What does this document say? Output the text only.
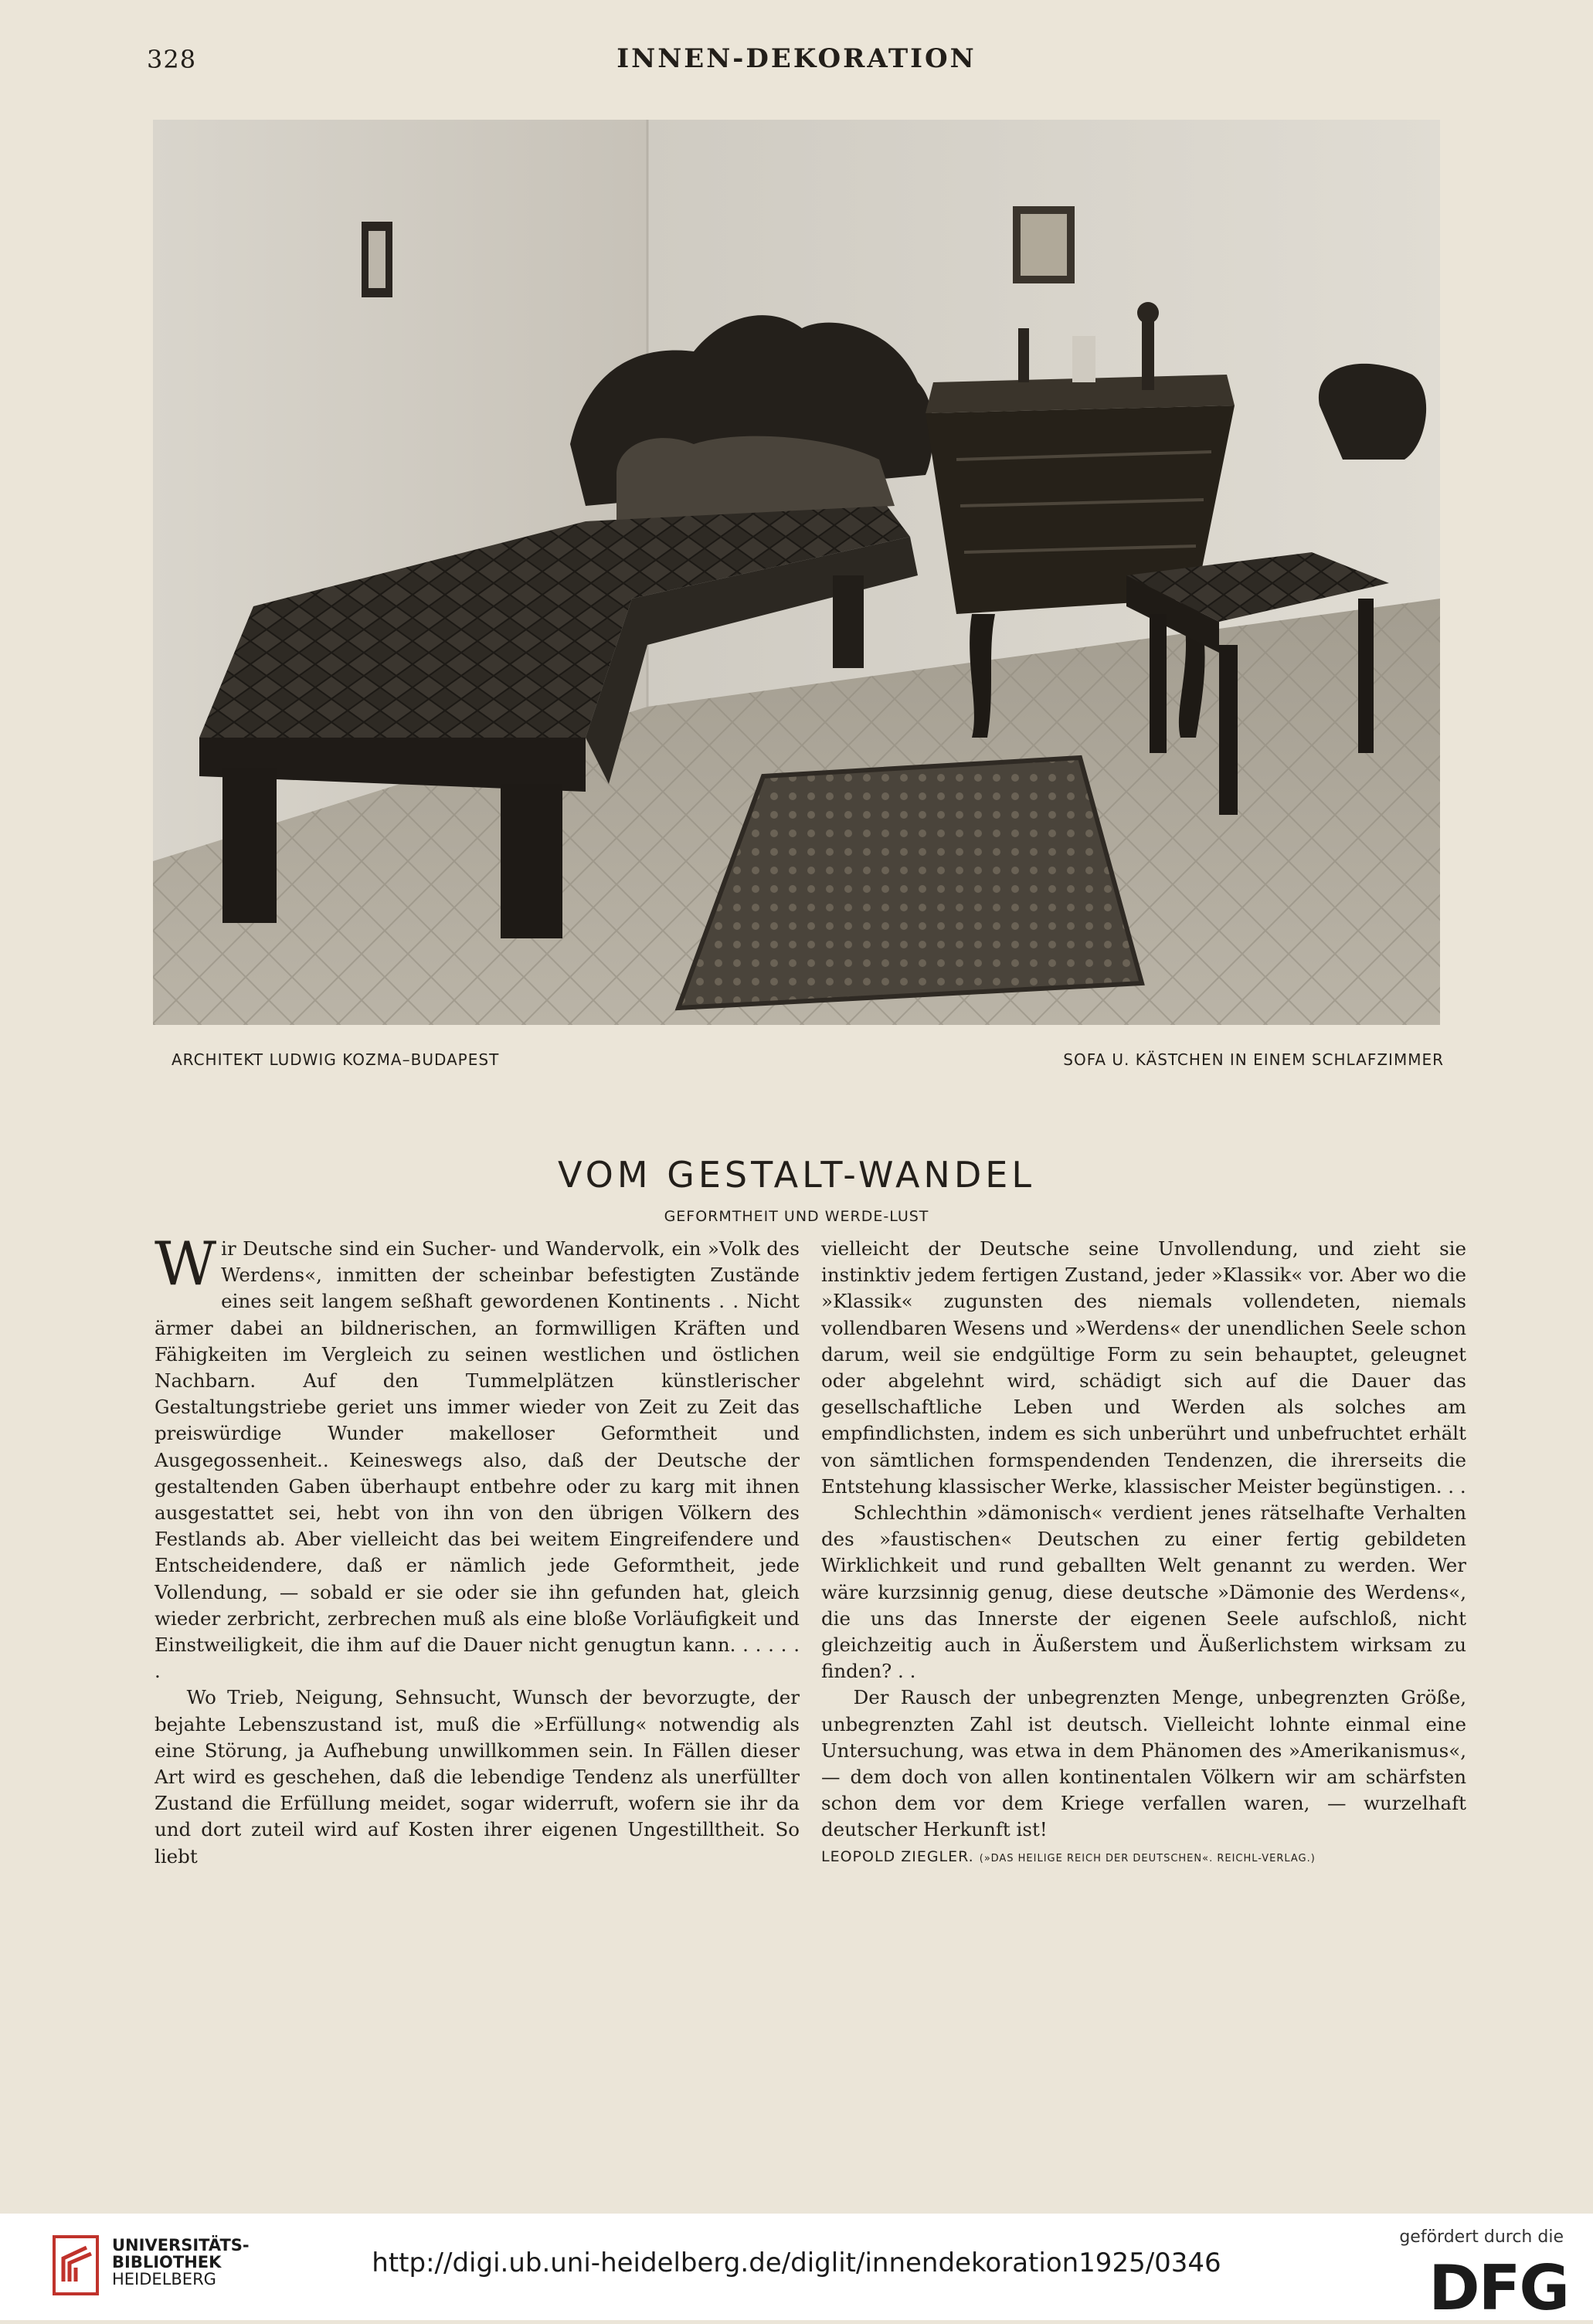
328	INNEN-DEKORATION
ARCHITEKT LUDWIG KOZMA–BUDAPEST	SOFA U. KÄSTCHEN IN EINEM SCHLAFZIMMER
VOM GESTALT-WANDEL
GEFORMTHEIT UND WERDE-LUST

Wir Deutsche sind ein Sucher- und Wandervolk, ein »Volk des Werdens«, inmitten der scheinbar befestigten Zustände eines seit langem seßhaft gewordenen Kontinents . . Nicht ärmer dabei an bildnerischen, an formwilligen Kräften und Fähigkeiten im Vergleich zu seinen westlichen und östlichen Nachbarn. Auf den Tummelplätzen künstlerischer Gestaltungstriebe geriet uns immer wieder von Zeit zu Zeit das preiswürdige Wunder makelloser Geformtheit und Ausgegossenheit.. Keineswegs also, daß der Deutsche der gestaltenden Gaben überhaupt entbehre oder zu karg mit ihnen ausgestattet sei, hebt von ihn von den übrigen Völkern des Festlands ab. Aber vielleicht das bei weitem Eingreifendere und Entscheidendere, daß er nämlich jede Geformtheit, jede Vollendung, — sobald er sie oder sie ihn gefunden hat, gleich wieder zerbricht, zerbrechen muß als eine bloße Vorläufigkeit und Einstweiligkeit, die ihm auf die Dauer nicht genugtun kann. . . . . . .

Wo Trieb, Neigung, Sehnsucht, Wunsch der bevorzugte, der bejahte Lebenszustand ist, muß die »Erfüllung« notwendig als eine Störung, ja Aufhebung unwillkommen sein. In Fällen dieser Art wird es geschehen, daß die lebendige Tendenz als unerfüllter Zustand die Erfüllung meidet, sogar widerruft, wofern sie ihr da und dort zuteil wird auf Kosten ihrer eigenen Ungestilltheit. So liebt

vielleicht der Deutsche seine Unvollendung, und zieht sie instinktiv jedem fertigen Zustand, jeder »Klassik« vor. Aber wo die »Klassik« zugunsten des niemals vollendeten, niemals vollendbaren Wesens und »Werdens« der unendlichen Seele schon darum, weil sie endgültige Form zu sein behauptet, geleugnet oder abgelehnt wird, schädigt sich auf die Dauer das gesellschaftliche Leben und Werden als solches am empfindlichsten, indem es sich unberührt und unbefruchtet erhält von sämtlichen formspendenden Tendenzen, die ihrerseits die Entstehung klassischer Werke, klassischer Meister begünstigen. . .

Schlechthin »dämonisch« verdient jenes rätselhafte Verhalten des »faustischen« Deutschen zu einer fertig gebildeten Wirklichkeit und rund geballten Welt genannt zu werden. Wer wäre kurzsinnig genug, diese deutsche »Dämonie des Werdens«, die uns das Innerste der eigenen Seele aufschloß, nicht gleichzeitig auch in Äußerstem und Äußerlichstem wirksam zu finden? . .

Der Rausch der unbegrenzten Menge, unbegrenzten Größe, unbegrenzten Zahl ist deutsch. Vielleicht lohnte einmal eine Untersuchung, was etwa in dem Phänomen des »Amerikanismus«, — dem doch von allen kontinentalen Völkern wir am schärfsten schon dem vor dem Kriege verfallen waren, — wurzelhaft deutscher Herkunft ist!

LEOPOLD ZIEGLER. (»DAS HEILIGE REICH DER DEUTSCHEN«. REICHL-VERLAG.)
UNIVERSITÄTS-
BIBLIOTHEK
HEIDELBERG
http://digi.ub.uni-heidelberg.de/diglit/innendekoration1925/0346
gefördert durch die
DFG
